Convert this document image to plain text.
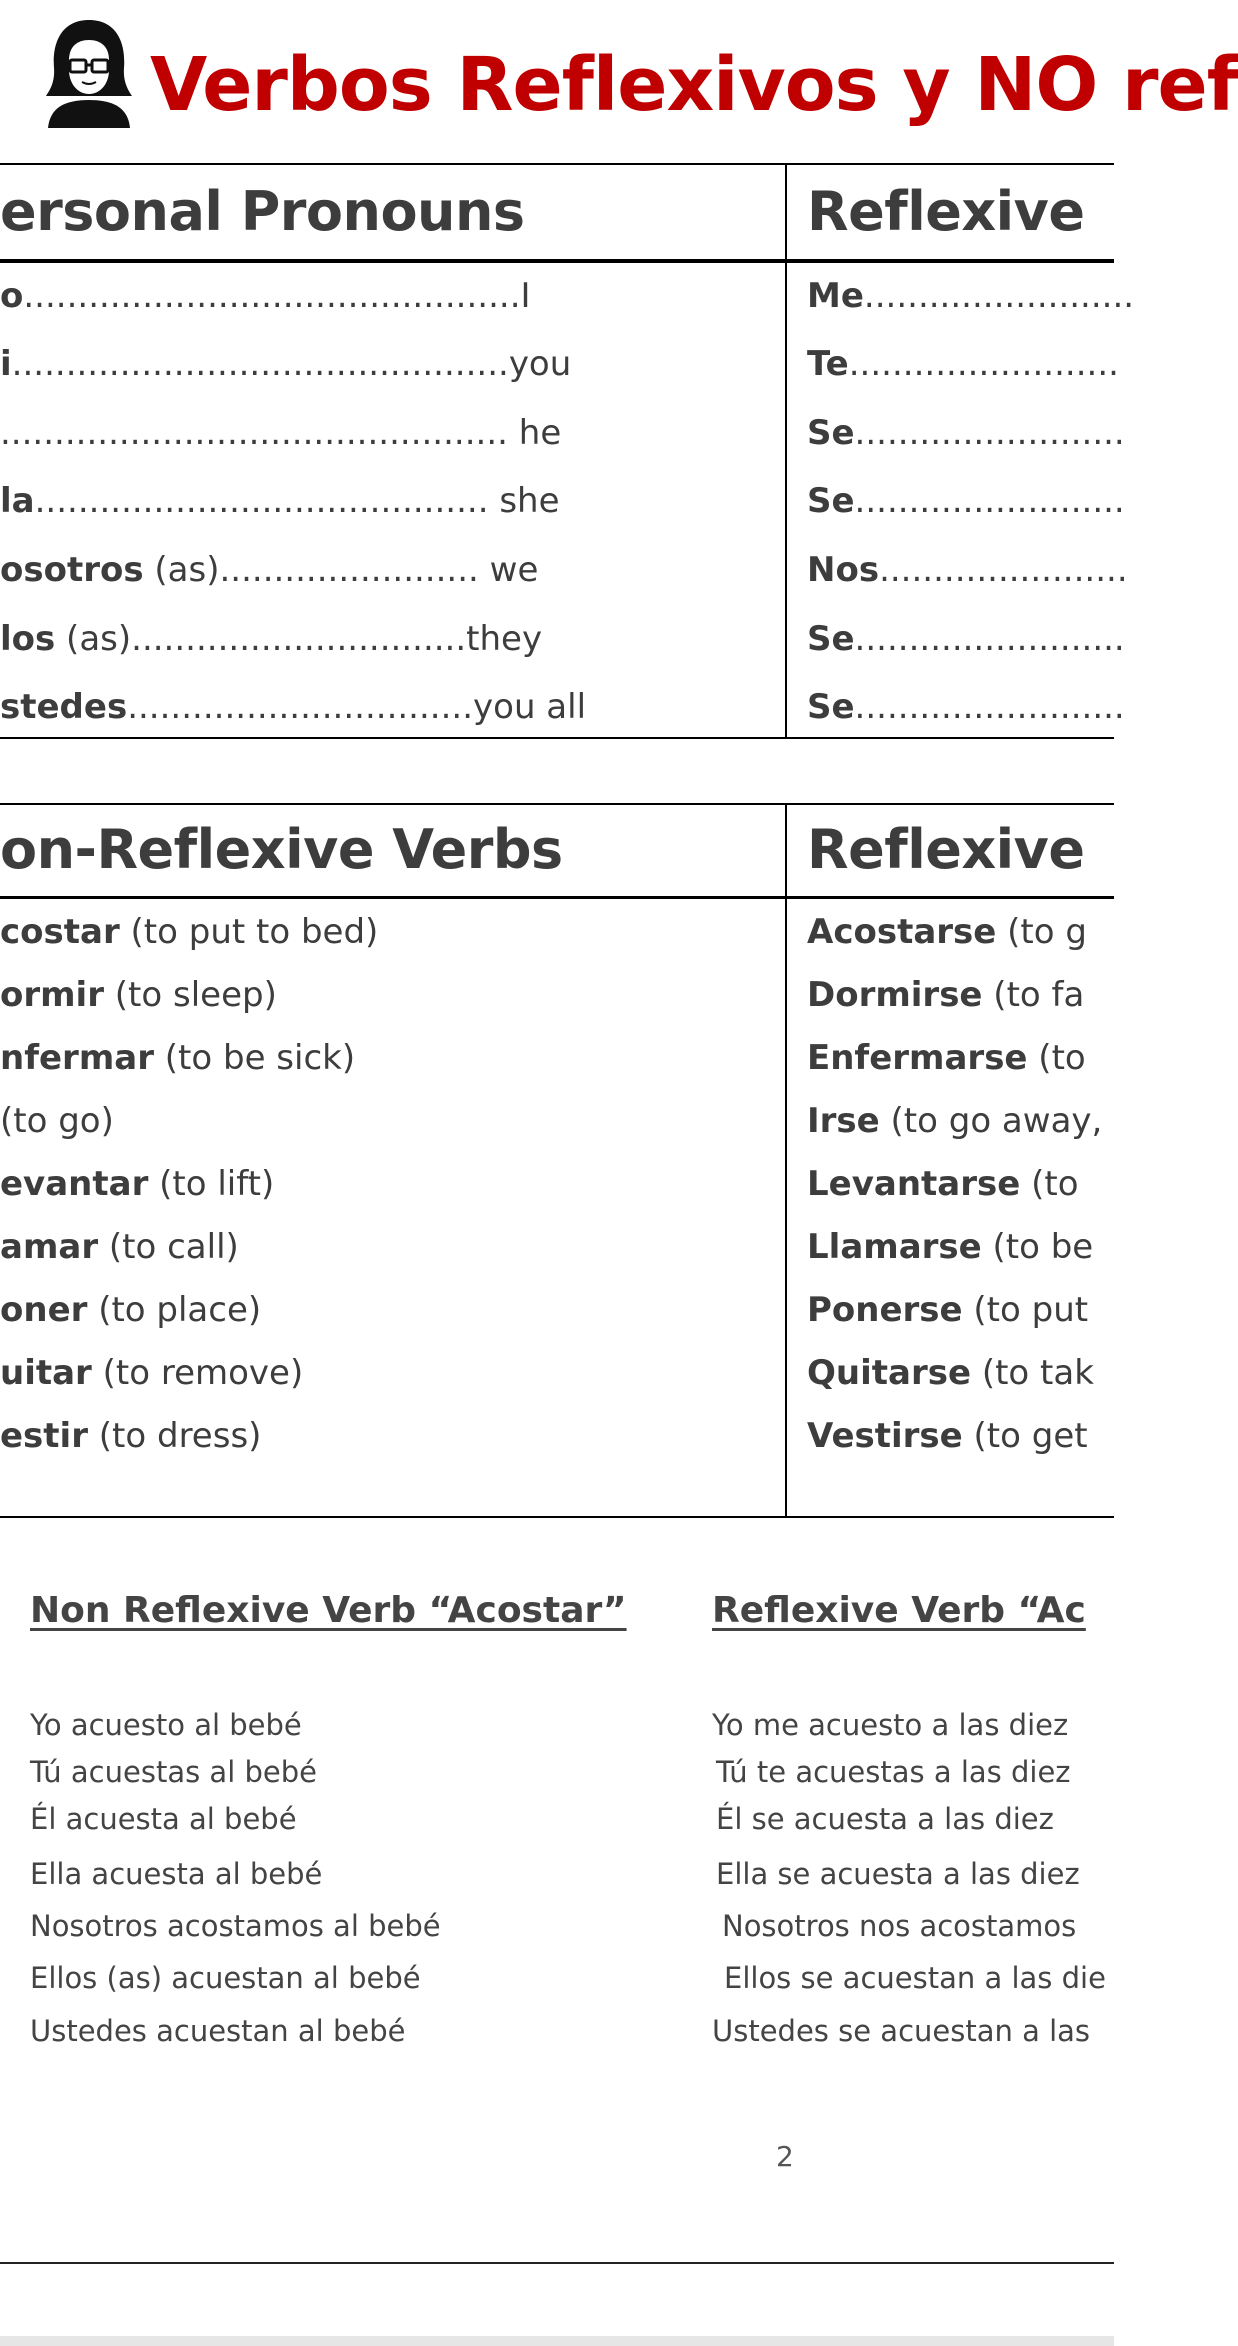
Verbos Reflexivos y NO ref
ersonal Pronouns	Reflexive
o..............................................I
i..............................................you
............................................... he
la.......................................... she
osotros (as)........................ we
los (as)...............................they
stedes................................you all
Me.........................
Te.........................
Se.........................
Se.........................
Nos.......................
Se.........................
Se.........................
on-Reflexive Verbs	Reflexive
costar (to put to bed)
ormir (to sleep)
nfermar (to be sick)
(to go)
evantar (to lift)
amar (to call)
oner (to place)
uitar (to remove)
estir (to dress)
Acostarse (to g
Dormirse (to fa
Enfermarse (to
Irse (to go away,
Levantarse (to
Llamarse (to be
Ponerse (to put
Quitarse (to tak
Vestirse (to get
Non Reflexive Verb “Acostar” Reflexive Verb “Ac
Yo acuesto al bebé
Tú acuestas al bebé
Él acuesta al bebé
Ella acuesta al bebé
Nosotros acostamos al bebé
Ellos (as) acuestan al bebé
Ustedes acuestan al bebé
Yo me acuesto a las diez
Tú te acuestas a las diez
Él se acuesta a las diez
Ella se acuesta a las diez
Nosotros nos acostamos
Ellos se acuestan a las die
Ustedes se acuestan a las
2
